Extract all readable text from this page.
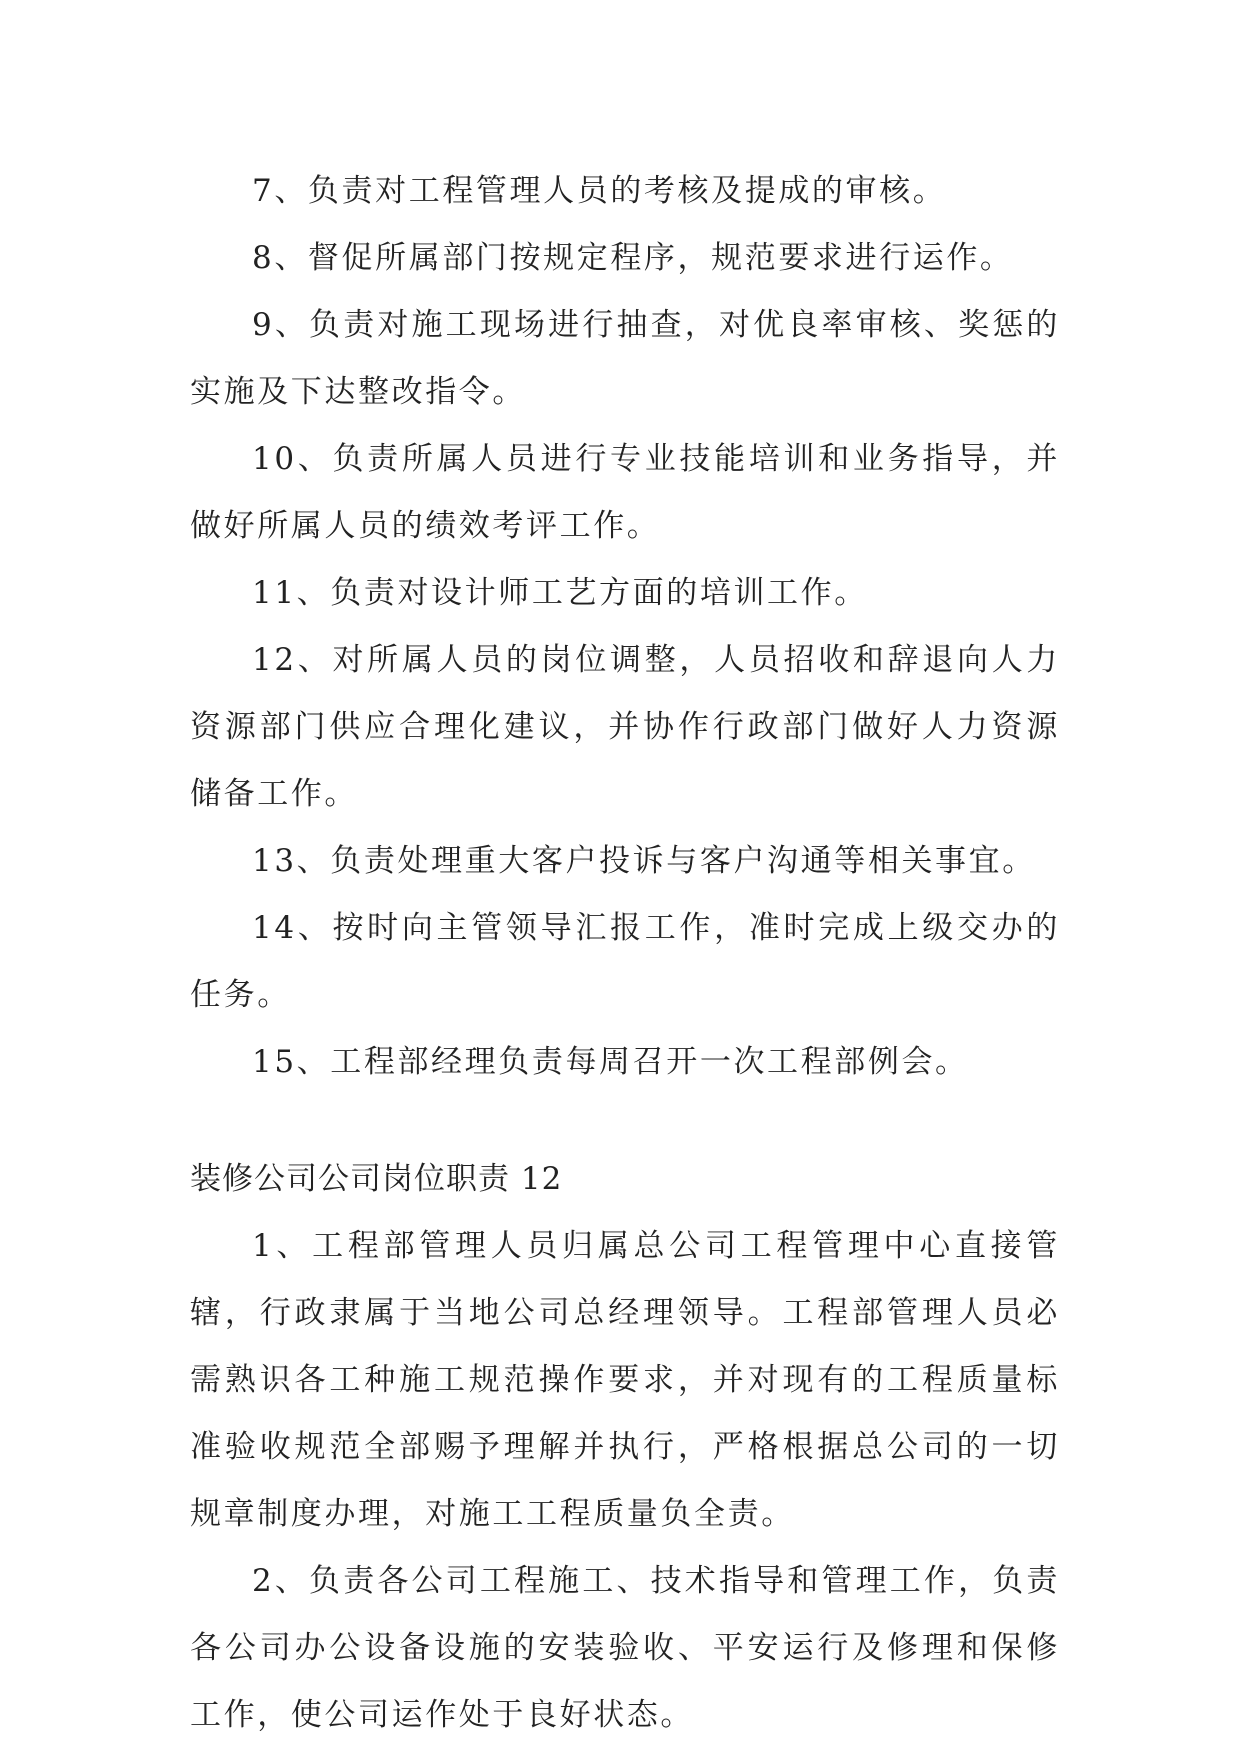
7、负责对工程管理人员的考核及提成的审核。

8、督促所属部门按规定程序，规范要求进行运作。

9、负责对施工现场进行抽查，对优良率审核、奖惩的实施及下达整改指令。

10、负责所属人员进行专业技能培训和业务指导，并做好所属人员的绩效考评工作。

11、负责对设计师工艺方面的培训工作。

12、对所属人员的岗位调整，人员招收和辞退向人力资源部门供应合理化建议，并协作行政部门做好人力资源储备工作。

13、负责处理重大客户投诉与客户沟通等相关事宜。

14、按时向主管领导汇报工作，准时完成上级交办的任务。

15、工程部经理负责每周召开一次工程部例会。

装修公司公司岗位职责 12

1、工程部管理人员归属总公司工程管理中心直接管辖，行政隶属于当地公司总经理领导。工程部管理人员必需熟识各工种施工规范操作要求，并对现有的工程质量标准验收规范全部赐予理解并执行，严格根据总公司的一切规章制度办理，对施工工程质量负全责。

2、负责各公司工程施工、技术指导和管理工作，负责各公司办公设备设施的安装验收、平安运行及修理和保修工作，使公司运作处于良好状态。
